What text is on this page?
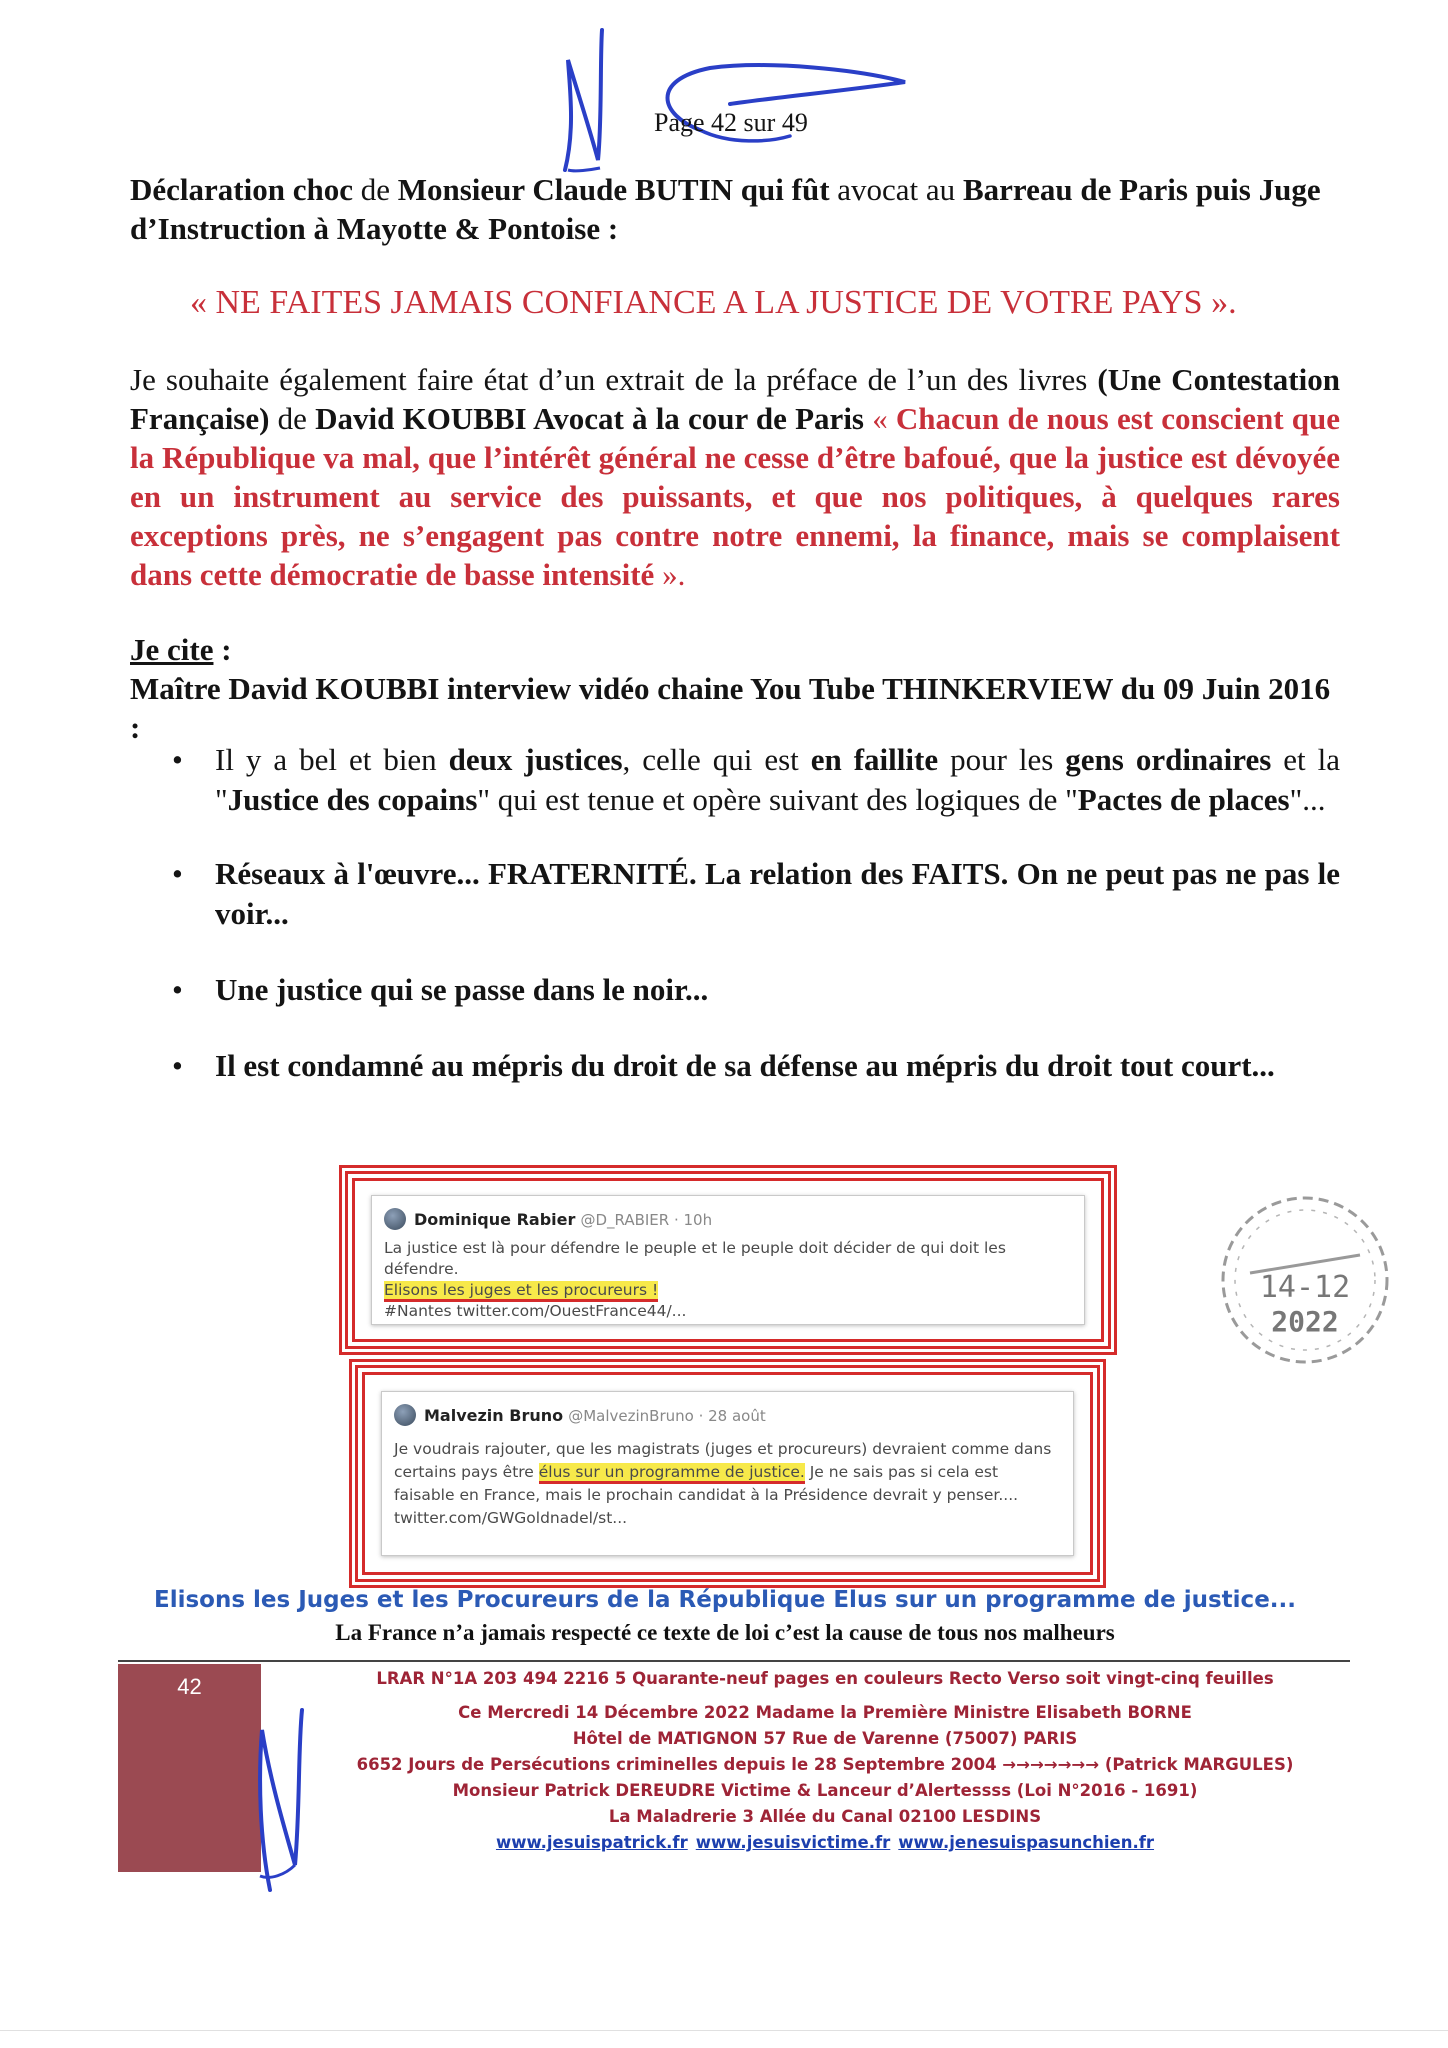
Page 42 sur 49
Déclaration choc de Monsieur Claude BUTIN qui fût avocat au Barreau de Paris puis Juge d’Instruction à Mayotte & Pontoise :
« NE FAITES JAMAIS CONFIANCE A LA JUSTICE DE VOTRE PAYS ».
Je souhaite également faire état d’un extrait de la préface de l’un des livres (Une Contestation Française) de David KOUBBI Avocat à la cour de Paris « Chacun de nous est conscient que la République va mal, que l’intérêt général ne cesse d’être bafoué, que la justice est dévoyée en un instrument au service des puissants, et que nos politiques, à quelques rares exceptions près, ne s’engagent pas contre notre ennemi, la finance, mais se complaisent dans cette démocratie de basse intensité ».
Je cite :
Maître David KOUBBI interview vidéo chaine You Tube THINKERVIEW du 09 Juin 2016 :
• Il y a bel et bien deux justices, celle qui est en faillite pour les gens ordinaires et la "Justice des copains" qui est tenue et opère suivant des logiques de "Pactes de places"...
• Réseaux à l'œuvre... FRATERNITÉ. La relation des FAITS. On ne peut pas ne pas le voir...
• Une justice qui se passe dans le noir...
• Il est condamné au mépris du droit de sa défense au mépris du droit tout court...
Dominique Rabier @D_RABIER · 10h
La justice est là pour défendre le peuple et le peuple doit décider de qui doit les défendre.
Elisons les juges et les procureurs !
#Nantes twitter.com/OuestFrance44/...
Malvezin Bruno @MalvezinBruno · 28 août
Je voudrais rajouter, que les magistrats (juges et procureurs) devraient comme dans certains pays être élus sur un programme de justice. Je ne sais pas si cela est faisable en France, mais le prochain candidat à la Présidence devrait y penser.... twitter.com/GWGoldnadel/st...
14-12
2022
Elisons les Juges et les Procureurs de la République Elus sur un programme de justice...
La France n’a jamais respecté ce texte de loi c’est la cause de tous nos malheurs
42	LRAR N°1A 203 494 2216 5 Quarante-neuf pages en couleurs Recto Verso soit vingt-cinq feuilles
Ce Mercredi 14 Décembre 2022 Madame la Première Ministre Elisabeth BORNE
Hôtel de MATIGNON 57 Rue de Varenne (75007) PARIS
6652 Jours de Persécutions criminelles depuis le 28 Septembre 2004 →→→→→→→ (Patrick MARGULES)
Monsieur Patrick DEREUDRE Victime & Lanceur d’Alertessss (Loi N°2016 - 1691)
La Maladrerie 3 Allée du Canal 02100 LESDINS
www.jesuispatrick.fr www.jesuisvictime.fr www.jenesuispasunchien.fr
